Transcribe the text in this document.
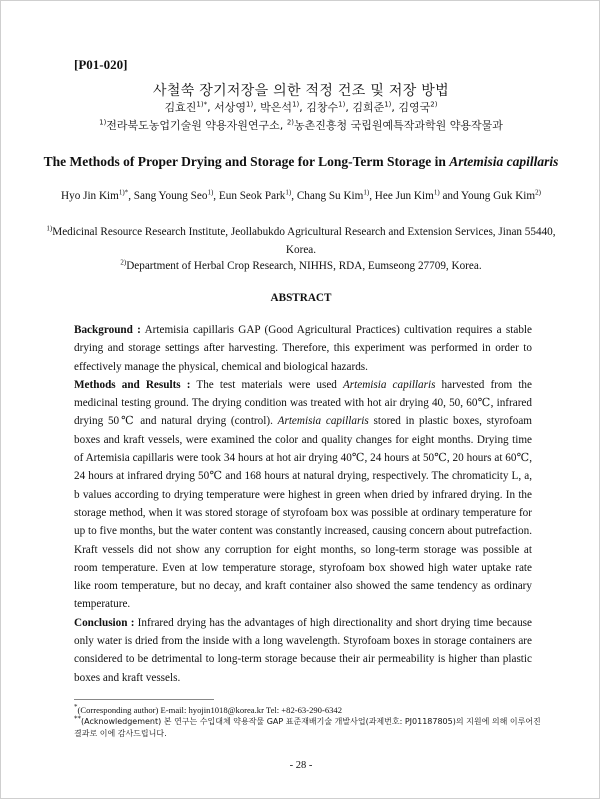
[P01-020]
사철쑥 장기저장을 의한 적정 건조 및 저장 방법
김효진$^{1)*}$, 서상영$^{1)}$, 박은석$^{1)}$, 김창수$^{1)}$, 김희준$^{1)}$, 김영국$^{2)}$
$^{1)}$전라북도농업기술원 약용자원연구소, $^{2)}$농촌진흥청 국립원예특작과학원 약용작물과
The Methods of Proper Drying and Storage for Long-Term Storage in Artemisia capillaris
Hyo Jin Kim$^{1)*}$, Sang Young Seo$^{1)}$, Eun Seok Park$^{1)}$, Chang Su Kim$^{1)}$, Hee Jun Kim$^{1)}$ and Young Guk Kim$^{2)}$
$^{1)}$Medicinal Resource Research Institute, Jeollabukdo Agricultural Research and Extension Services, Jinan 55440, Korea.
$^{2)}$Department of Herbal Crop Research, NIHHS, RDA, Eumseong 27709, Korea.
ABSTRACT

Background : Artemisia capillaris GAP (Good Agricultural Practices) cultivation requires a stable drying and storage settings after harvesting. Therefore, this experiment was performed in order to effectively manage the physical, chemical and biological hazards.

Methods and Results : The test materials were used Artemisia capillaris harvested from the medicinal testing ground. The drying condition was treated with hot air drying 40, 50, 60℃, infrared drying 50℃ and natural drying (control). Artemisia capillaris stored in plastic boxes, styrofoam boxes and kraft vessels, were examined the color and quality changes for eight months. Drying time of Artemisia capillaris were took 34 hours at hot air drying 40℃, 24 hours at 50℃, 20 hours at 60℃, 24 hours at infrared drying 50℃ and 168 hours at natural drying, respectively. The chromaticity L, a, b values according to drying temperature were highest in green when dried by infrared drying. In the storage method, when it was stored storage of styrofoam box was possible at ordinary temperature for up to five months, but the water content was constantly increased, causing concern about putrefaction. Kraft vessels did not show any corruption for eight months, so long-term storage was possible at room temperature. Even at low temperature storage, styrofoam box showed high water uptake rate like room temperature, but no decay, and kraft container also showed the same tendency as ordinary temperature.

Conclusion : Infrared drying has the advantages of high directionality and short drying time because only water is dried from the inside with a long wavelength. Styrofoam boxes in storage containers are considered to be detrimental to long-term storage because their air permeability is higher than plastic boxes and kraft vessels.

*(Corresponding author) E-mail: hyojin1018@korea.kr Tel: +82-63-290-6342
**(Acknowledgement) 본 연구는 수입대체 약용작물 GAP 표준재배기술 개발사업(과제번호: PJ01187805)의 지원에 의해 이루어진 결과로 이에 감사드립니다.
- 28 -
